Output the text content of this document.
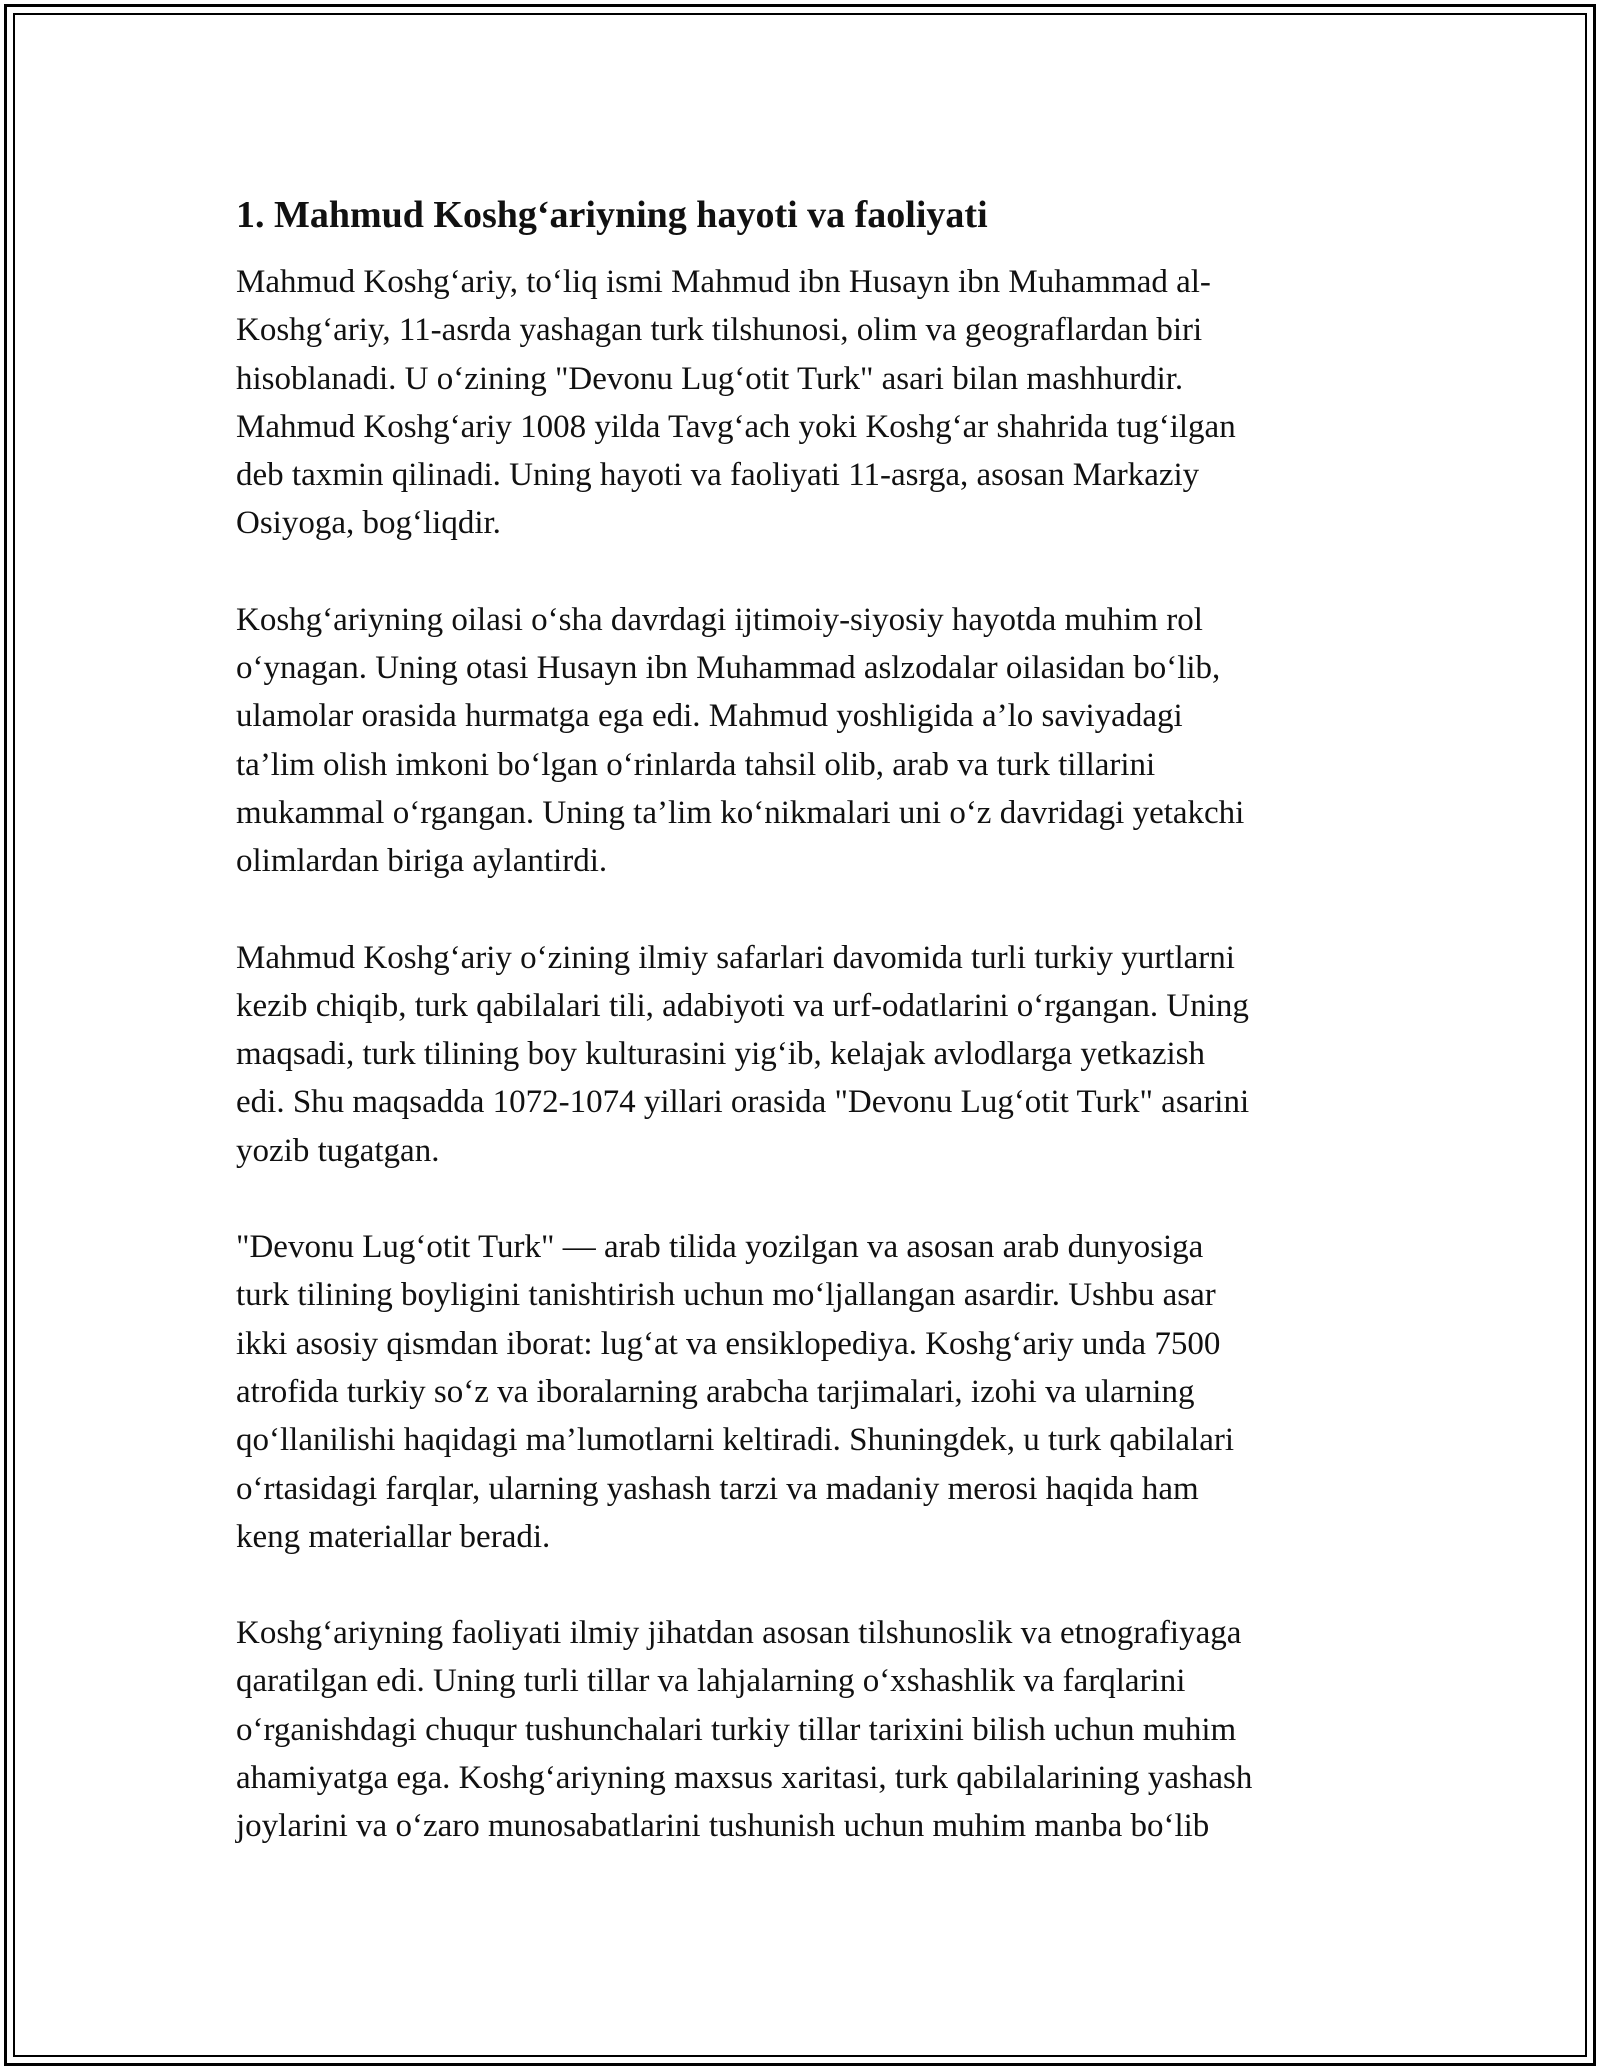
1. Mahmud Koshg‘ariyning hayoti va faoliyati

Mahmud Koshg‘ariy, to‘liq ismi Mahmud ibn Husayn ibn Muhammad al-
Koshg‘ariy, 11-asrda yashagan turk tilshunosi, olim va geograflardan biri
hisoblanadi. U o‘zining "Devonu Lug‘otit Turk" asari bilan mashhurdir.
Mahmud Koshg‘ariy 1008 yilda Tavg‘ach yoki Koshg‘ar shahrida tug‘ilgan
deb taxmin qilinadi. Uning hayoti va faoliyati 11-asrga, asosan Markaziy
Osiyoga, bog‘liqdir.

Koshg‘ariyning oilasi o‘sha davrdagi ijtimoiy-siyosiy hayotda muhim rol
o‘ynagan. Uning otasi Husayn ibn Muhammad aslzodalar oilasidan bo‘lib,
ulamolar orasida hurmatga ega edi. Mahmud yoshligida a’lo saviyadagi
ta’lim olish imkoni bo‘lgan o‘rinlarda tahsil olib, arab va turk tillarini
mukammal o‘rgangan. Uning ta’lim ko‘nikmalari uni o‘z davridagi yetakchi
olimlardan biriga aylantirdi.

Mahmud Koshg‘ariy o‘zining ilmiy safarlari davomida turli turkiy yurtlarni
kezib chiqib, turk qabilalari tili, adabiyoti va urf-odatlarini o‘rgangan. Uning
maqsadi, turk tilining boy kulturasini yig‘ib, kelajak avlodlarga yetkazish
edi. Shu maqsadda 1072-1074 yillari orasida "Devonu Lug‘otit Turk" asarini
yozib tugatgan.

"Devonu Lug‘otit Turk" — arab tilida yozilgan va asosan arab dunyosiga
turk tilining boyligini tanishtirish uchun mo‘ljallangan asardir. Ushbu asar
ikki asosiy qismdan iborat: lug‘at va ensiklopediya. Koshg‘ariy unda 7500
atrofida turkiy so‘z va iboralarning arabcha tarjimalari, izohi va ularning
qo‘llanilishi haqidagi ma’lumotlarni keltiradi. Shuningdek, u turk qabilalari
o‘rtasidagi farqlar, ularning yashash tarzi va madaniy merosi haqida ham
keng materiallar beradi.

Koshg‘ariyning faoliyati ilmiy jihatdan asosan tilshunoslik va etnografiyaga
qaratilgan edi. Uning turli tillar va lahjalarning o‘xshashlik va farqlarini
o‘rganishdagi chuqur tushunchalari turkiy tillar tarixini bilish uchun muhim
ahamiyatga ega. Koshg‘ariyning maxsus xaritasi, turk qabilalarining yashash
joylarini va o‘zaro munosabatlarini tushunish uchun muhim manba bo‘lib
